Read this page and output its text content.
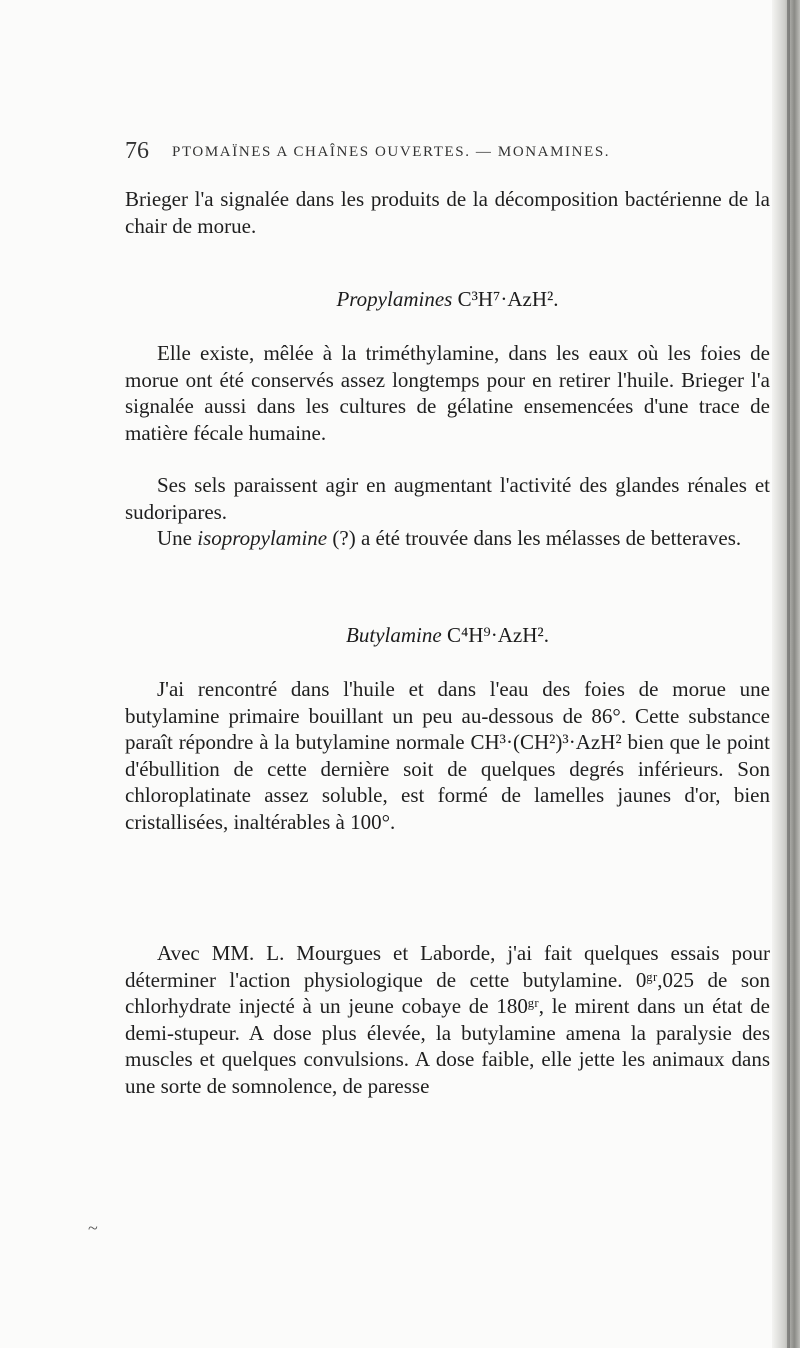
76 PTOMAÏNES A CHAÎNES OUVERTES. — MONAMINES.

Brieger l'a signalée dans les produits de la décomposition bactérienne de la chair de morue.

Propylamines C³H⁷·AzH².

Elle existe, mêlée à la triméthylamine, dans les eaux où les foies de morue ont été conservés assez longtemps pour en retirer l'huile. Brieger l'a signalée aussi dans les cultures de gélatine ensemencées d'une trace de matière fécale humaine.

Ses sels paraissent agir en augmentant l'activité des glandes rénales et sudoripares.

Une isopropylamine (?) a été trouvée dans les mélasses de betteraves.

Butylamine C⁴H⁹·AzH².

J'ai rencontré dans l'huile et dans l'eau des foies de morue une butylamine primaire bouillant un peu au-dessous de 86°. Cette substance paraît répondre à la butylamine normale CH³·(CH²)³·AzH² bien que le point d'ébullition de cette dernière soit de quelques degrés inférieurs. Son chloroplatinate assez soluble, est formé de lamelles jaunes d'or, bien cristallisées, inaltérables à 100°.

Avec MM. L. Mourgues et Laborde, j'ai fait quelques essais pour déterminer l'action physiologique de cette butylamine. 0ᵍʳ,025 de son chlorhydrate injecté à un jeune cobaye de 180ᵍʳ, le mirent dans un état de demi-stupeur. A dose plus élevée, la butylamine amena la paralysie des muscles et quelques convulsions. A dose faible, elle jette les animaux dans une sorte de somnolence, de paresse

~
